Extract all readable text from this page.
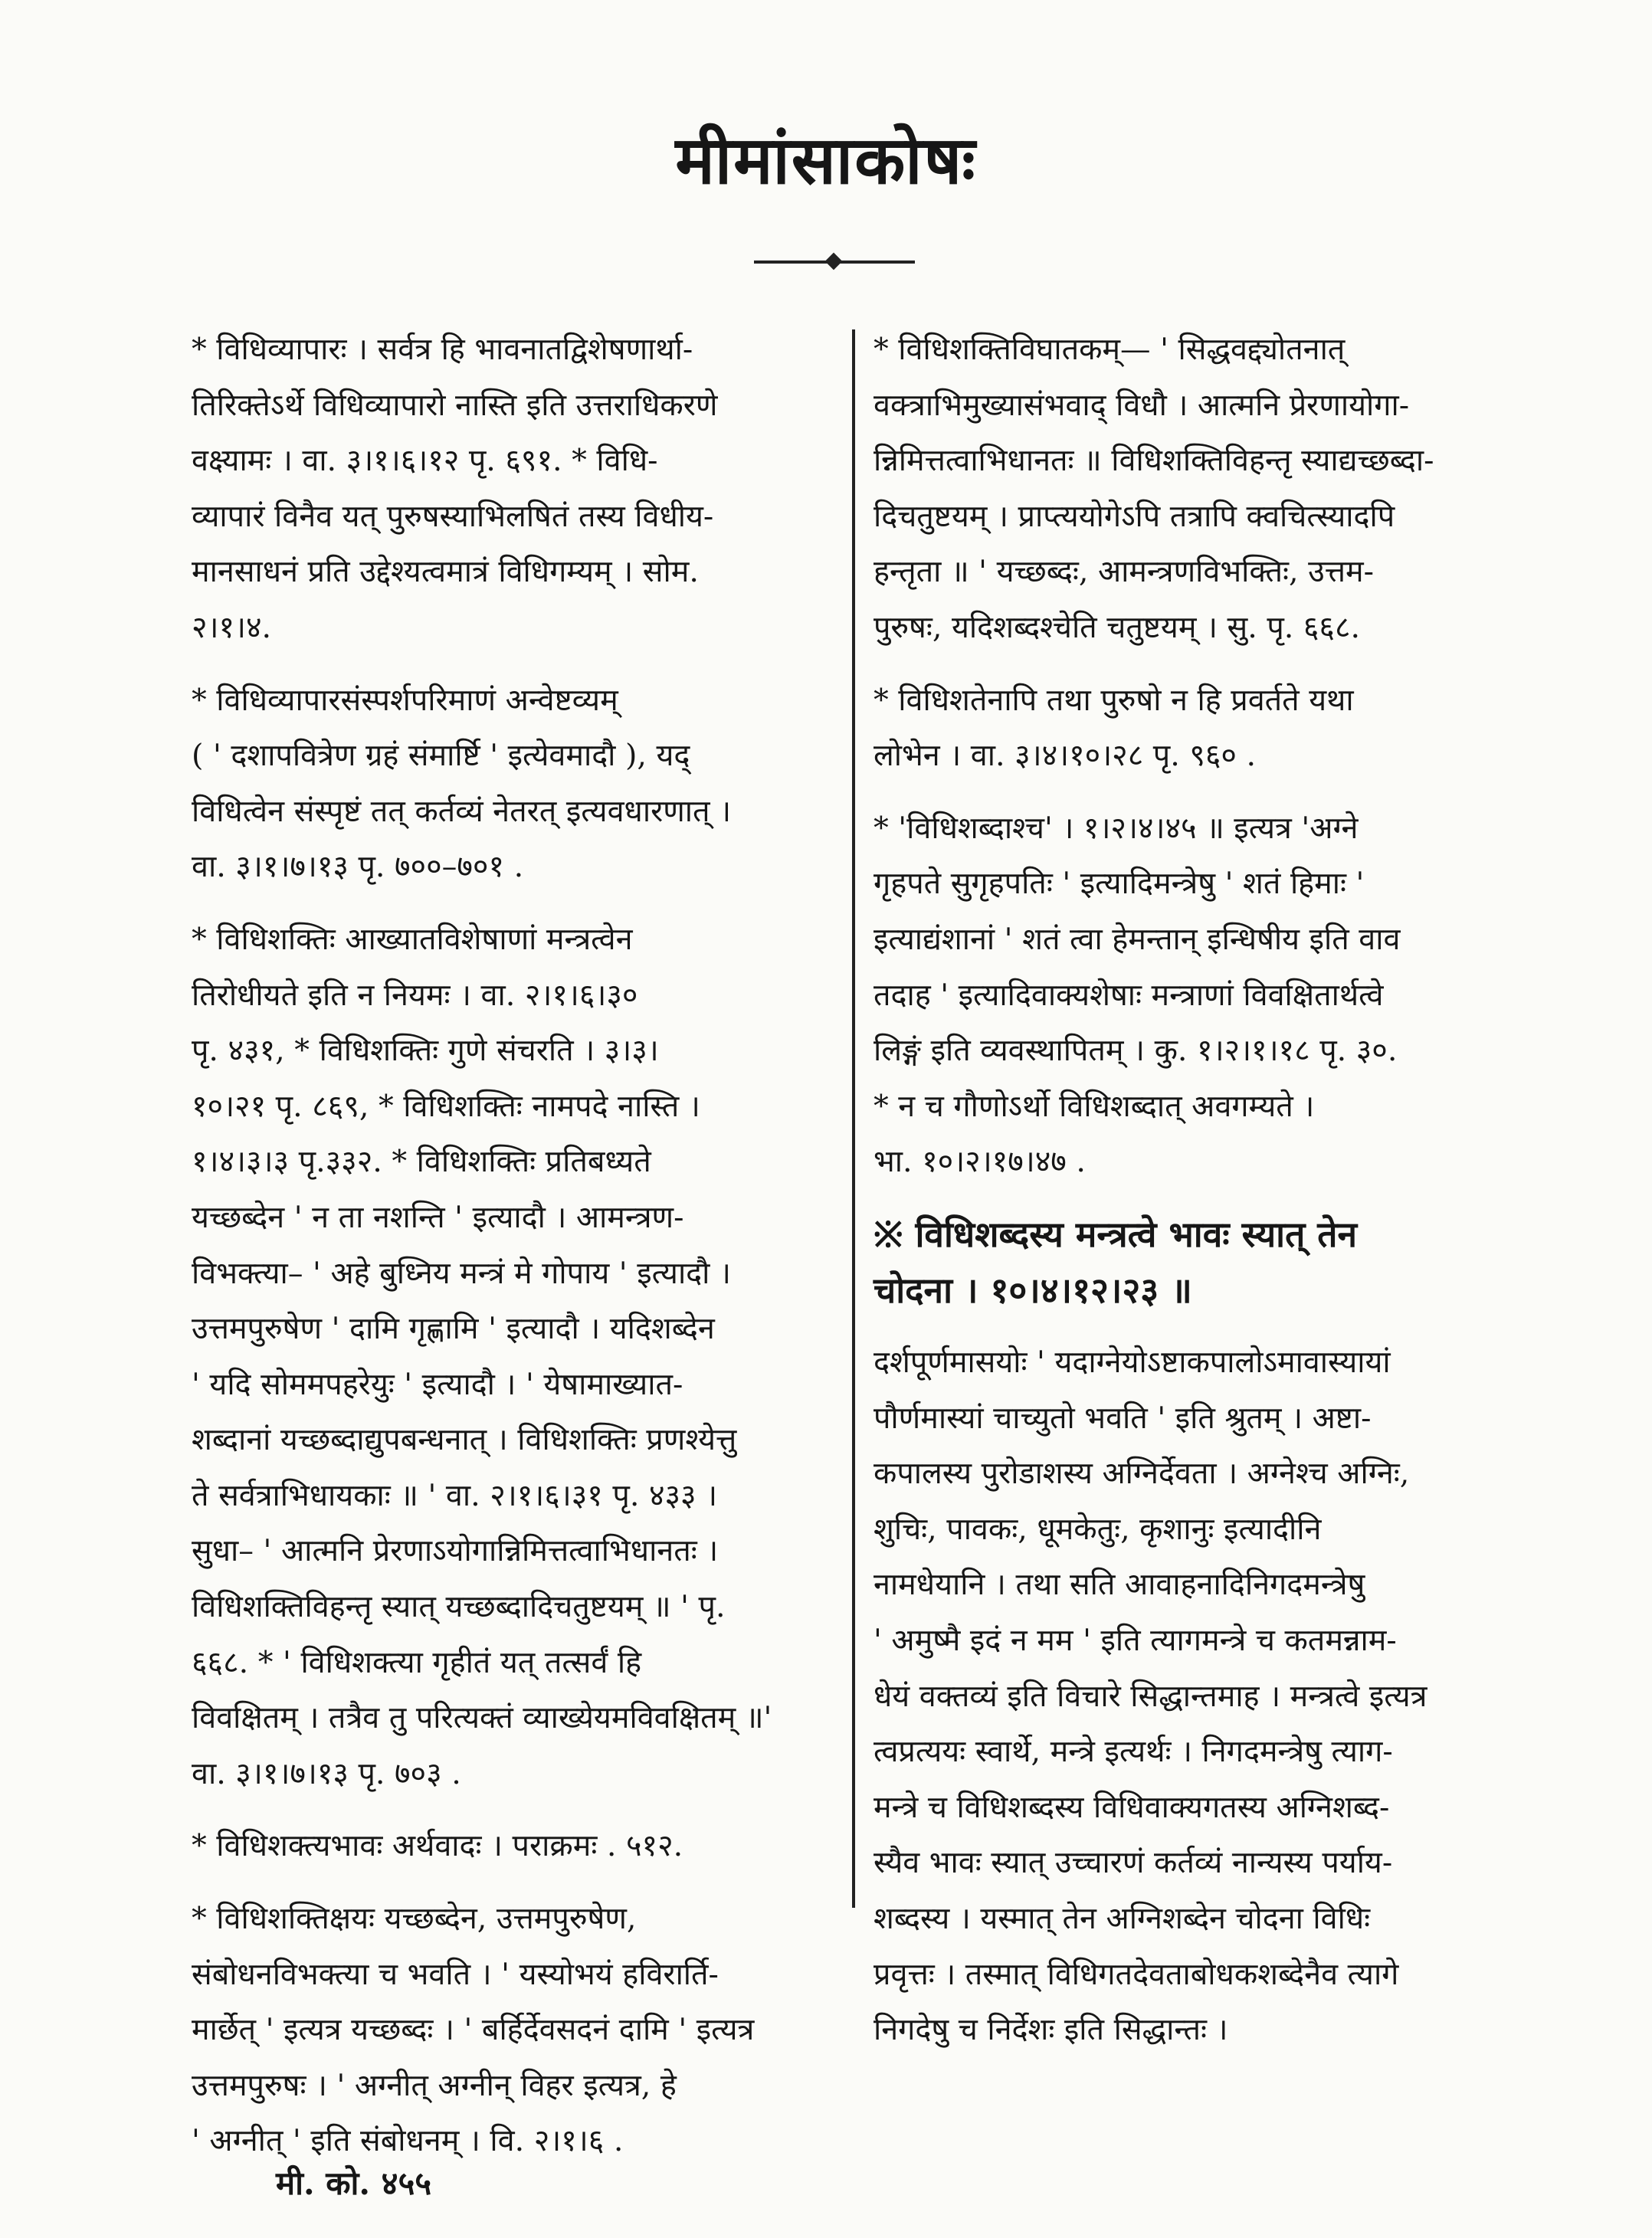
मीमांसाकोषः
* विधिव्यापारः । सर्वत्र हि भावनातद्विशेषणार्था-
तिरिक्तेऽर्थे विधिव्यापारो नास्ति इति उत्तराधिकरणे
वक्ष्यामः । वा. ३।१।६।१२ पृ. ६९१. * विधि-
व्यापारं विनैव यत् पुरुषस्याभिलषितं तस्य विधीय-
मानसाधनं प्रति उद्देश्यत्वमात्रं विधिगम्यम् । सोम.
२।१।४.
* विधिव्यापारसंस्पर्शपरिमाणं अन्वेष्टव्यम्
( ' दशापवित्रेण ग्रहं संमार्ष्टि ' इत्येवमादौ ), यद्
विधित्वेन संस्पृष्टं तत् कर्तव्यं नेतरत् इत्यवधारणात् ।
वा. ३।१।७।१३ पृ. ७००–७०१ .
* विधिशक्तिः आख्यातविशेषाणां मन्त्रत्वेन
तिरोधीयते इति न नियमः । वा. २।१।६।३०
पृ. ४३१, * विधिशक्तिः गुणे संचरति । ३।३।
१०।२१ पृ. ८६९, * विधिशक्तिः नामपदे नास्ति ।
१।४।३।३ पृ.३३२. * विधिशक्तिः प्रतिबध्यते
यच्छब्देन ' न ता नशन्ति ' इत्यादौ । आमन्त्रण-
विभक्त्या– ' अहे बुध्निय मन्त्रं मे गोपाय ' इत्यादौ ।
उत्तमपुरुषेण ' दामि गृह्णामि ' इत्यादौ । यदिशब्देन
' यदि सोममपहरेयुः ' इत्यादौ । ' येषामाख्यात-
शब्दानां यच्छब्दाद्युपबन्धनात् । विधिशक्तिः प्रणश्येत्तु
ते सर्वत्राभिधायकाः ॥ ' वा. २।१।६।३१ पृ. ४३३ ।
सुधा– ' आत्मनि प्रेरणाऽयोगान्निमित्तत्वाभिधानतः ।
विधिशक्तिविहन्तृ स्यात् यच्छब्दादिचतुष्टयम् ॥ ' पृ.
६६८. * ' विधिशक्त्या गृहीतं यत् तत्सर्वं हि
विवक्षितम् । तत्रैव तु परित्यक्तं व्याख्येयमविवक्षितम् ॥'
वा. ३।१।७।१३ पृ. ७०३ .
* विधिशक्त्यभावः अर्थवादः । पराक्रमः . ५१२.
* विधिशक्तिक्षयः यच्छब्देन, उत्तमपुरुषेण,
संबोधनविभक्त्या च भवति । ' यस्योभयं हविरार्ति-
मार्छेत् ' इत्यत्र यच्छब्दः । ' बर्हिर्देवसदनं दामि ' इत्यत्र
उत्तमपुरुषः । ' अग्नीत् अग्नीन् विहर इत्यत्र, हे
' अग्नीत् ' इति संबोधनम् । वि. २।१।६ .
* विधिशक्तिविघातकम्— ' सिद्धवद्द्योतनात्
वक्त्राभिमुख्यासंभवाद् विधौ । आत्मनि प्रेरणायोगा-
न्निमित्तत्वाभिधानतः ॥ विधिशक्तिविहन्तृ स्याद्यच्छब्दा-
दिचतुष्टयम् । प्राप्त्ययोगेऽपि तत्रापि क्वचित्स्यादपि
हन्तृता ॥ ' यच्छब्दः, आमन्त्रणविभक्तिः, उत्तम-
पुरुषः, यदिशब्दश्चेति चतुष्टयम् । सु. पृ. ६६८.
* विधिशतेनापि तथा पुरुषो न हि प्रवर्तते यथा
लोभेन । वा. ३।४।१०।२८ पृ. ९६० .
* 'विधिशब्दाश्च' । १।२।४।४५ ॥ इत्यत्र 'अग्ने
गृहपते सुगृहपतिः ' इत्यादिमन्त्रेषु ' शतं हिमाः '
इत्याद्यंशानां ' शतं त्वा हेमन्तान् इन्धिषीय इति वाव
तदाह ' इत्यादिवाक्यशेषाः मन्त्राणां विवक्षितार्थत्वे
लिङ्गं इति व्यवस्थापितम् । कु. १।२।१।१८ पृ. ३०.
* न च गौणोऽर्थो विधिशब्दात् अवगम्यते ।
भा. १०।२।१७।४७ .
※ विधिशब्दस्य मन्त्रत्वे भावः स्यात् तेन
चोदना । १०।४।१२।२३ ॥
दर्शपूर्णमासयोः ' यदाग्नेयोऽष्टाकपालोऽमावास्यायां
पौर्णमास्यां चाच्युतो भवति ' इति श्रुतम् । अष्टा-
कपालस्य पुरोडाशस्य अग्निर्देवता । अग्नेश्च अग्निः,
शुचिः, पावकः, धूमकेतुः, कृशानुः इत्यादीनि
नामधेयानि । तथा सति आवाहनादिनिगदमन्त्रेषु
' अमुष्मै इदं न मम ' इति त्यागमन्त्रे च कतमन्नाम-
धेयं वक्तव्यं इति विचारे सिद्धान्तमाह । मन्त्रत्वे इत्यत्र
त्वप्रत्ययः स्वार्थे, मन्त्रे इत्यर्थः । निगदमन्त्रेषु त्याग-
मन्त्रे च विधिशब्दस्य विधिवाक्यगतस्य अग्निशब्द-
स्यैव भावः स्यात् उच्चारणं कर्तव्यं नान्यस्य पर्याय-
शब्दस्य । यस्मात् तेन अग्निशब्देन चोदना विधिः
प्रवृत्तः । तस्मात् विधिगतदेवताबोधकशब्देनैव त्यागे
निगदेषु च निर्देशः इति सिद्धान्तः ।
मी. को. ४५५
